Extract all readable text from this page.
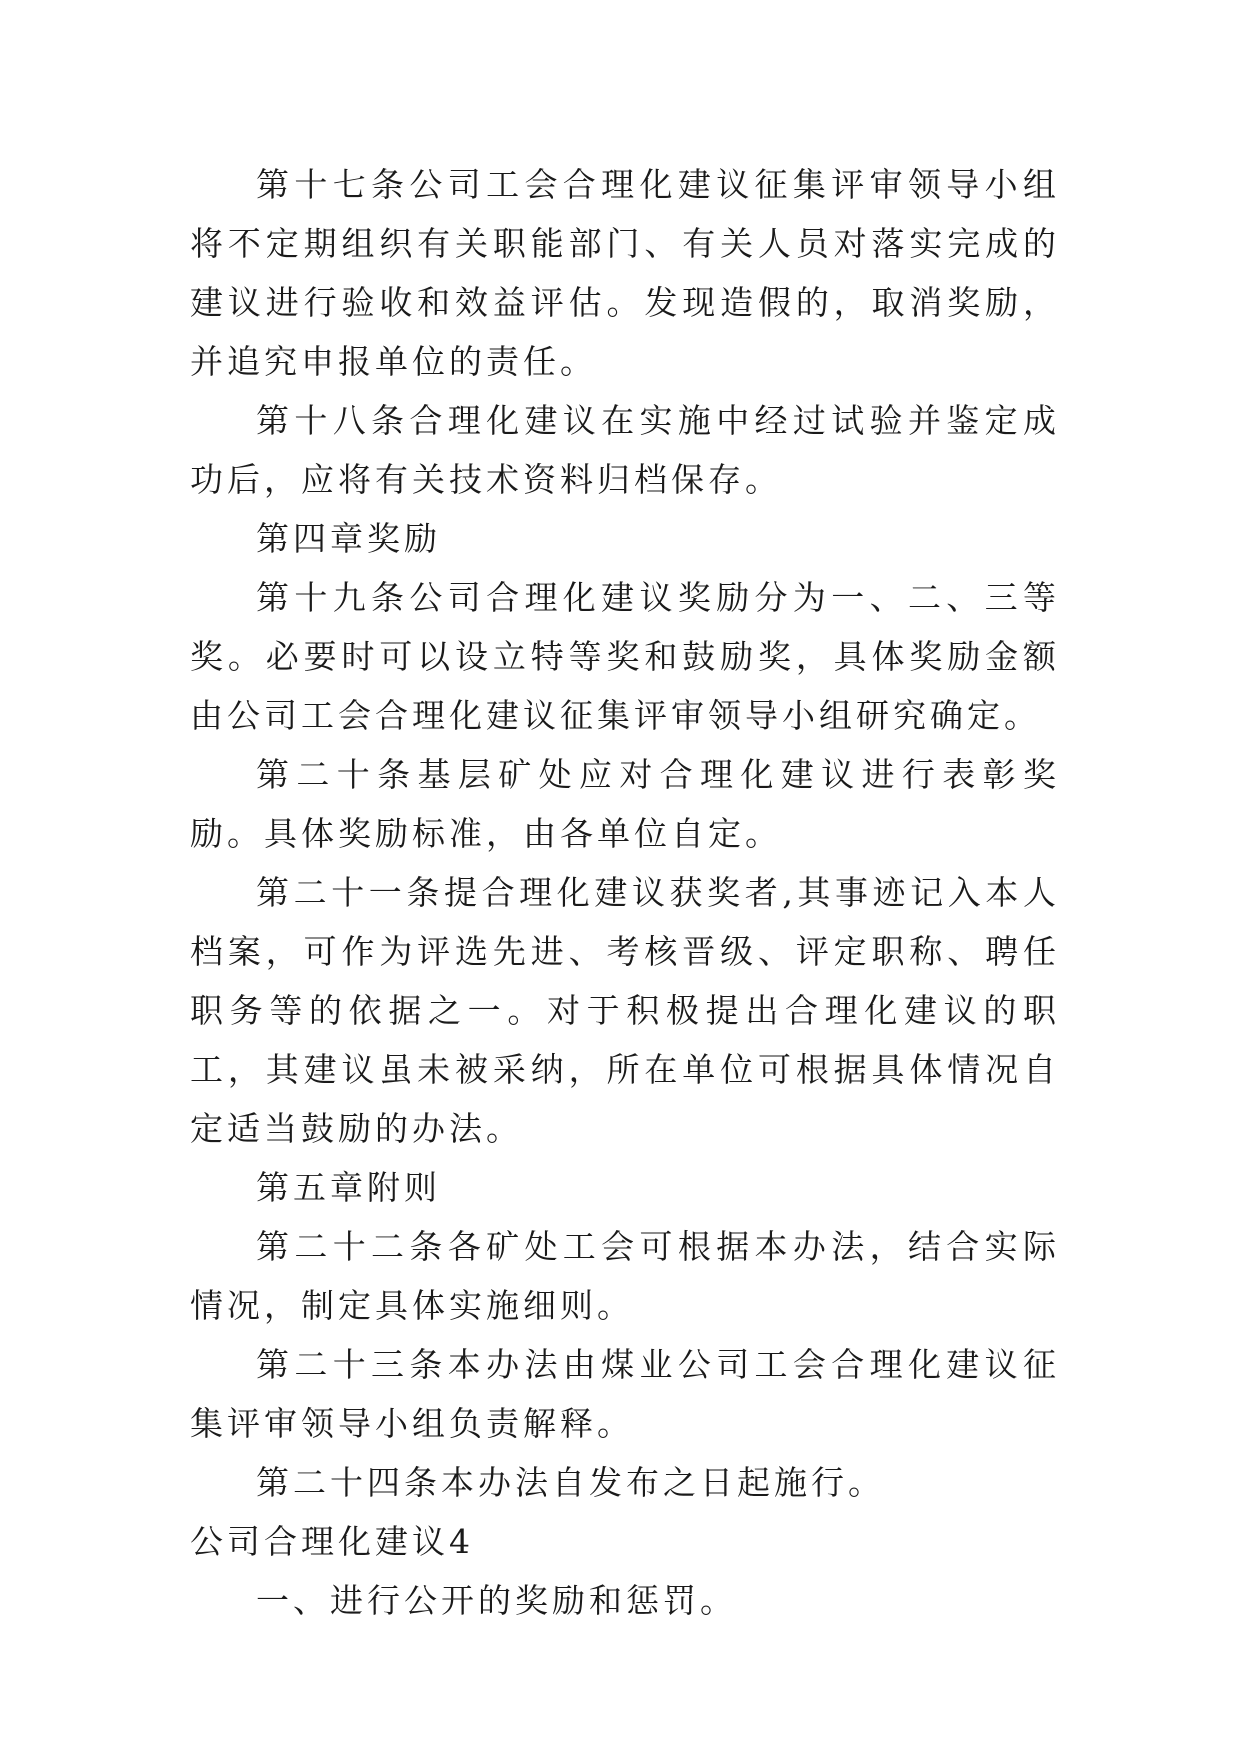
第十七条公司工会合理化建议征集评审领导小组将不定期组织有关职能部门、有关人员对落实完成的建议进行验收和效益评估。发现造假的，取消奖励，并追究申报单位的责任。

第十八条合理化建议在实施中经过试验并鉴定成功后，应将有关技术资料归档保存。

第四章奖励

第十九条公司合理化建议奖励分为一、二、三等奖。必要时可以设立特等奖和鼓励奖，具体奖励金额由公司工会合理化建议征集评审领导小组研究确定。

第二十条基层矿处应对合理化建议进行表彰奖励。具体奖励标准，由各单位自定。

第二十一条提合理化建议获奖者,其事迹记入本人档案，可作为评选先进、考核晋级、评定职称、聘任职务等的依据之一。对于积极提出合理化建议的职工，其建议虽未被采纳，所在单位可根据具体情况自定适当鼓励的办法。

第五章附则

第二十二条各矿处工会可根据本办法，结合实际情况，制定具体实施细则。

第二十三条本办法由煤业公司工会合理化建议征集评审领导小组负责解释。

第二十四条本办法自发布之日起施行。

公司合理化建议4

一、进行公开的奖励和惩罚。
